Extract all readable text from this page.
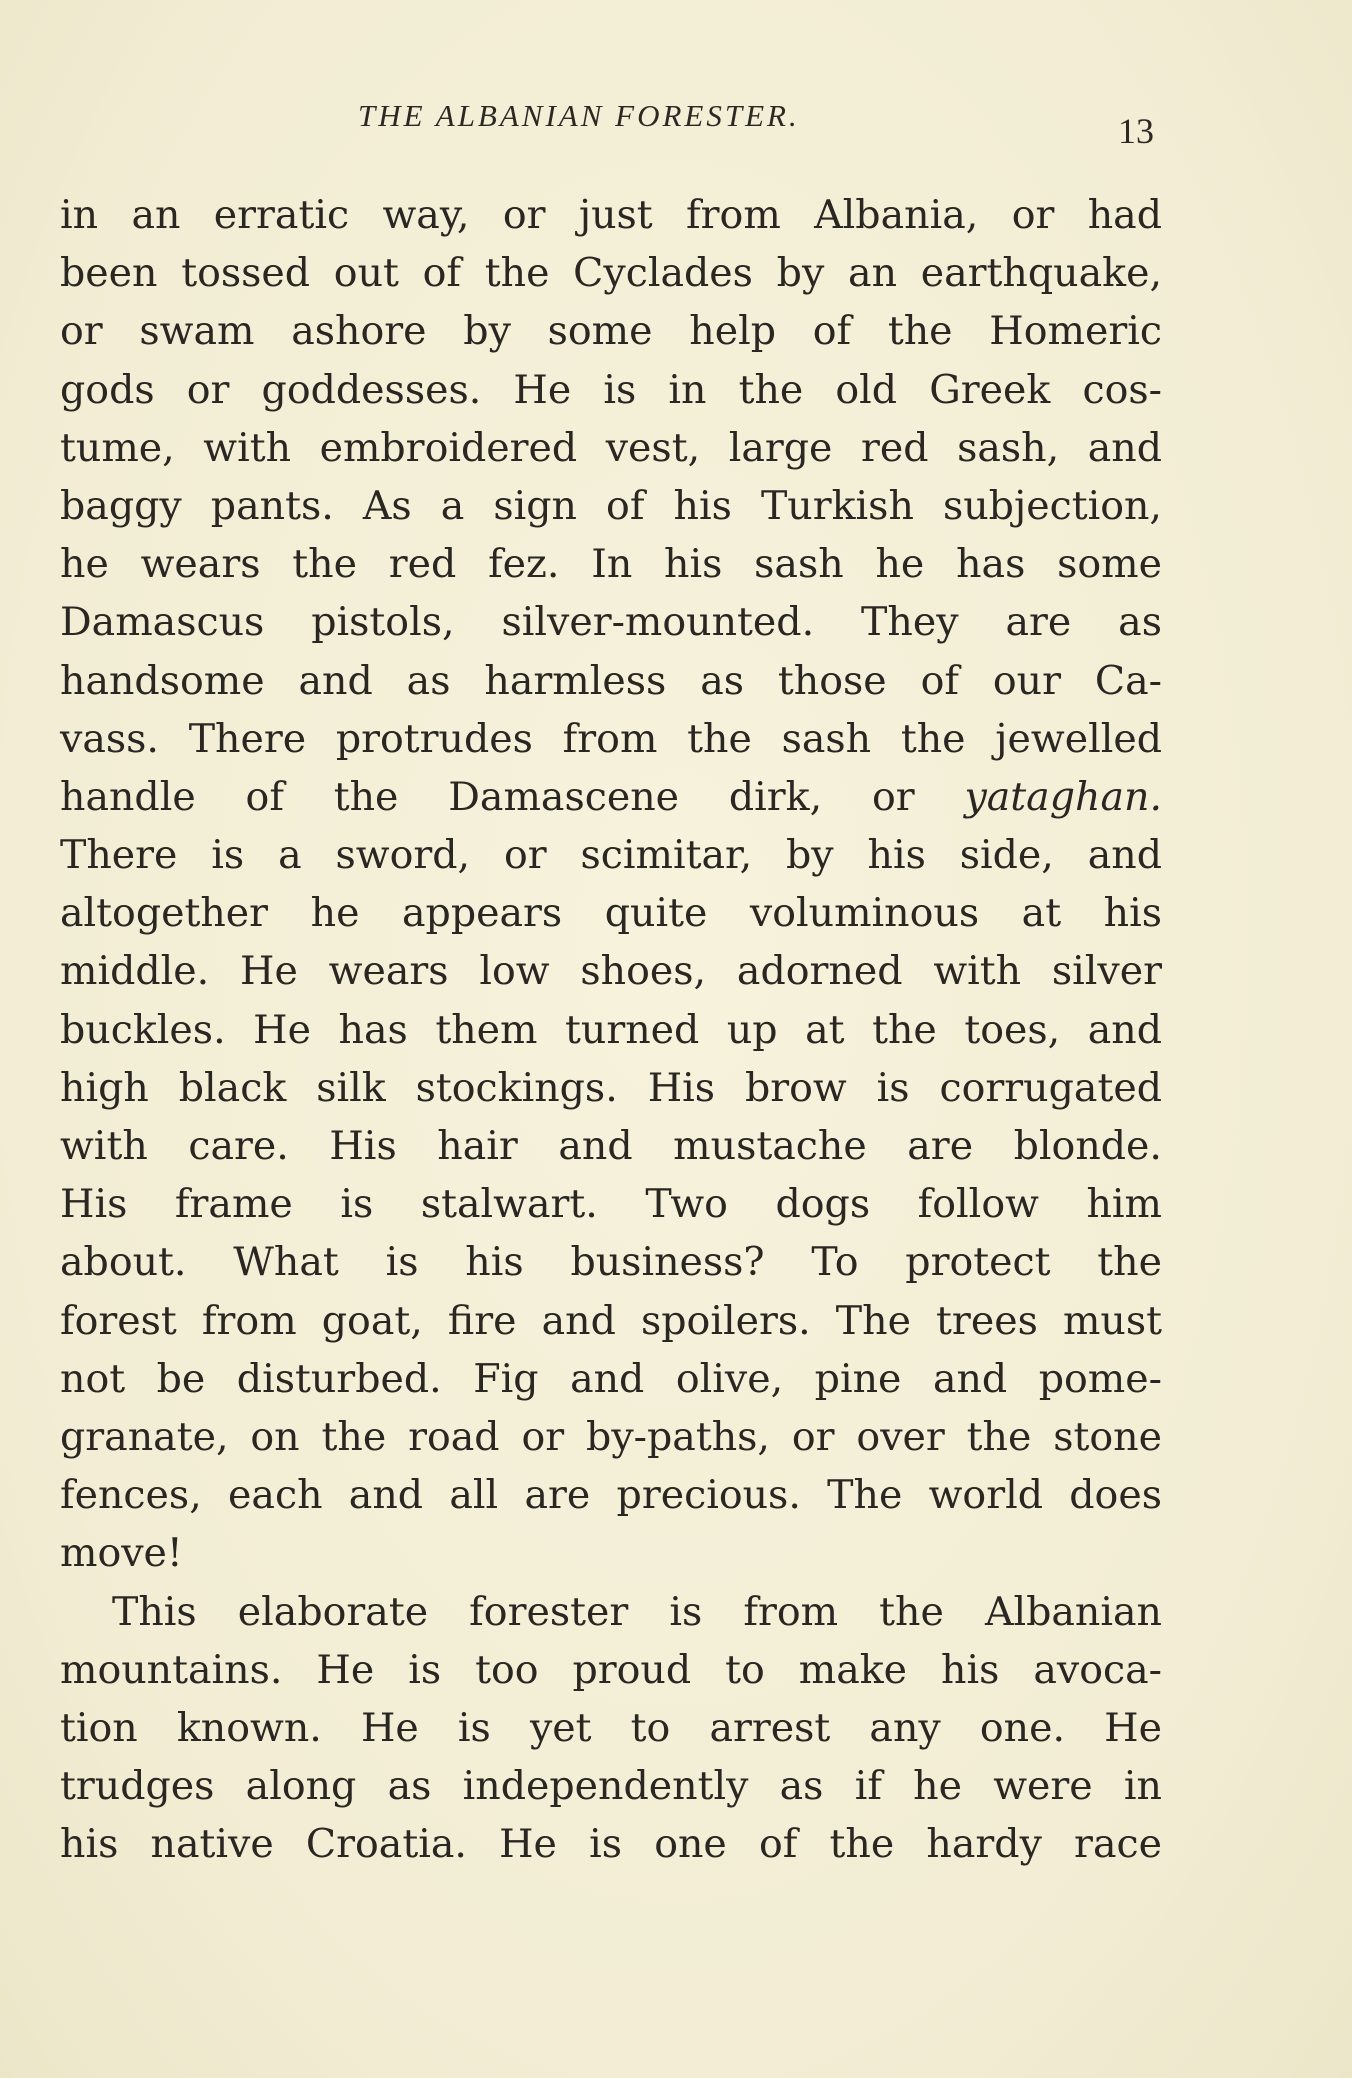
THE ALBANIAN FORESTER.	13
in an erratic way, or just from Albania, or had
been tossed out of the Cyclades by an earthquake,
or swam ashore by some help of the Homeric
gods or goddesses. He is in the old Greek cos-
tume, with embroidered vest, large red sash, and
baggy pants. As a sign of his Turkish subjection,
he wears the red fez. In his sash he has some
Damascus pistols, silver-mounted. They are as
handsome and as harmless as those of our Ca-
vass. There protrudes from the sash the jewelled
handle of the Damascene dirk, or yataghan.
There is a sword, or scimitar, by his side, and
altogether he appears quite voluminous at his
middle. He wears low shoes, adorned with silver
buckles. He has them turned up at the toes, and
high black silk stockings. His brow is corrugated
with care. His hair and mustache are blonde.
His frame is stalwart. Two dogs follow him
about. What is his business? To protect the
forest from goat, fire and spoilers. The trees must
not be disturbed. Fig and olive, pine and pome-
granate, on the road or by-paths, or over the stone
fences, each and all are precious. The world does
move!
This elaborate forester is from the Albanian
mountains. He is too proud to make his avoca-
tion known. He is yet to arrest any one. He
trudges along as independently as if he were in
his native Croatia. He is one of the hardy race
